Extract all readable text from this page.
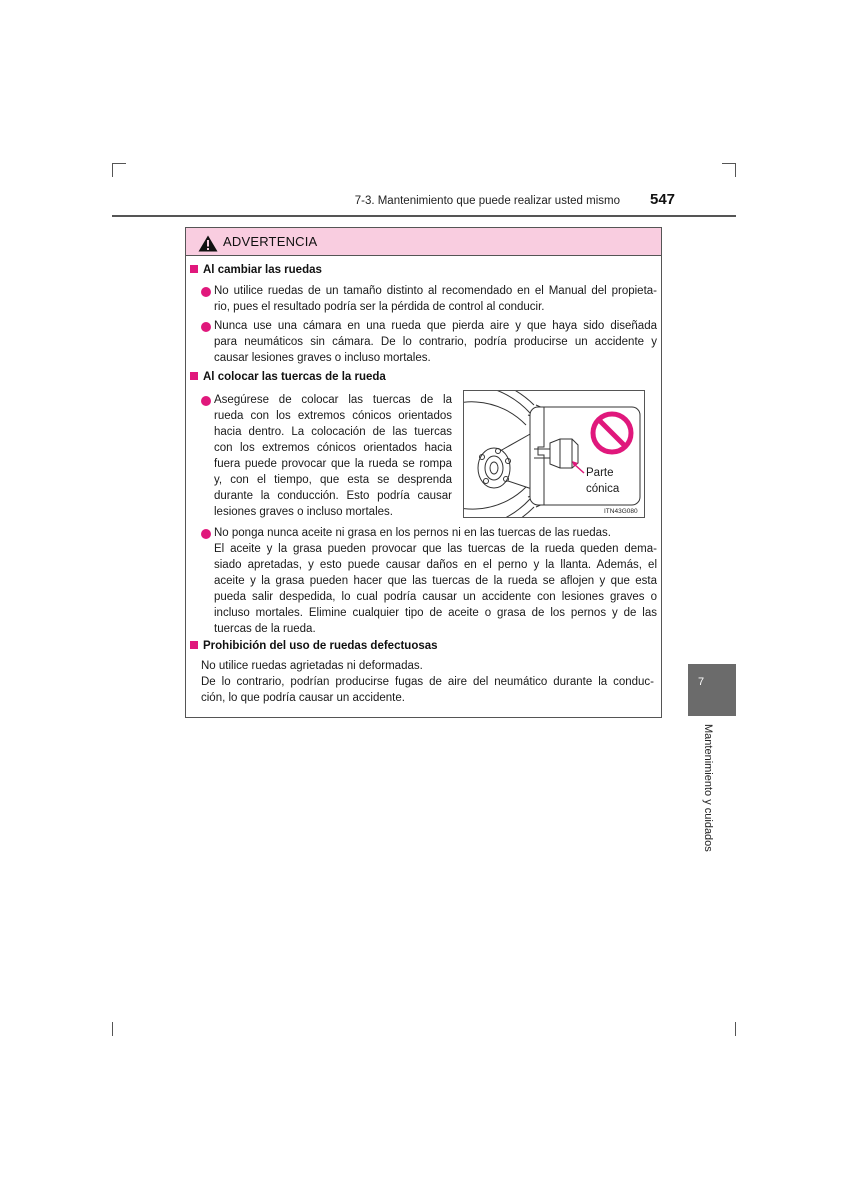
7-3. Mantenimiento que puede realizar usted mismo 547
ADVERTENCIA
Al cambiar las ruedas
No utilice ruedas de un tamaño distinto al recomendado en el Manual del propieta-
rio, pues el resultado podría ser la pérdida de control al conducir.
Nunca use una cámara en una rueda que pierda aire y que haya sido diseñada
para neumáticos sin cámara. De lo contrario, podría producirse un accidente y
causar lesiones graves o incluso mortales.
Al colocar las tuercas de la rueda
Asegúrese de colocar las tuercas de la
rueda con los extremos cónicos orientados
hacia dentro. La colocación de las tuercas
con los extremos cónicos orientados hacia
fuera puede provocar que la rueda se rompa
y, con el tiempo, que esta se desprenda
durante la conducción. Esto podría causar
lesiones graves o incluso mortales.
Parte
cónica
ITN43G080
No ponga nunca aceite ni grasa en los pernos ni en las tuercas de las ruedas.
El aceite y la grasa pueden provocar que las tuercas de la rueda queden dema-
siado apretadas, y esto puede causar daños en el perno y la llanta. Además, el
aceite y la grasa pueden hacer que las tuercas de la rueda se aflojen y que esta
pueda salir despedida, lo cual podría causar un accidente con lesiones graves o
incluso mortales. Elimine cualquier tipo de aceite o grasa de los pernos y de las
tuercas de la rueda.
Prohibición del uso de ruedas defectuosas
No utilice ruedas agrietadas ni deformadas.
De lo contrario, podrían producirse fugas de aire del neumático durante la conduc-
ción, lo que podría causar un accidente.
7
Mantenimiento y cuidados
